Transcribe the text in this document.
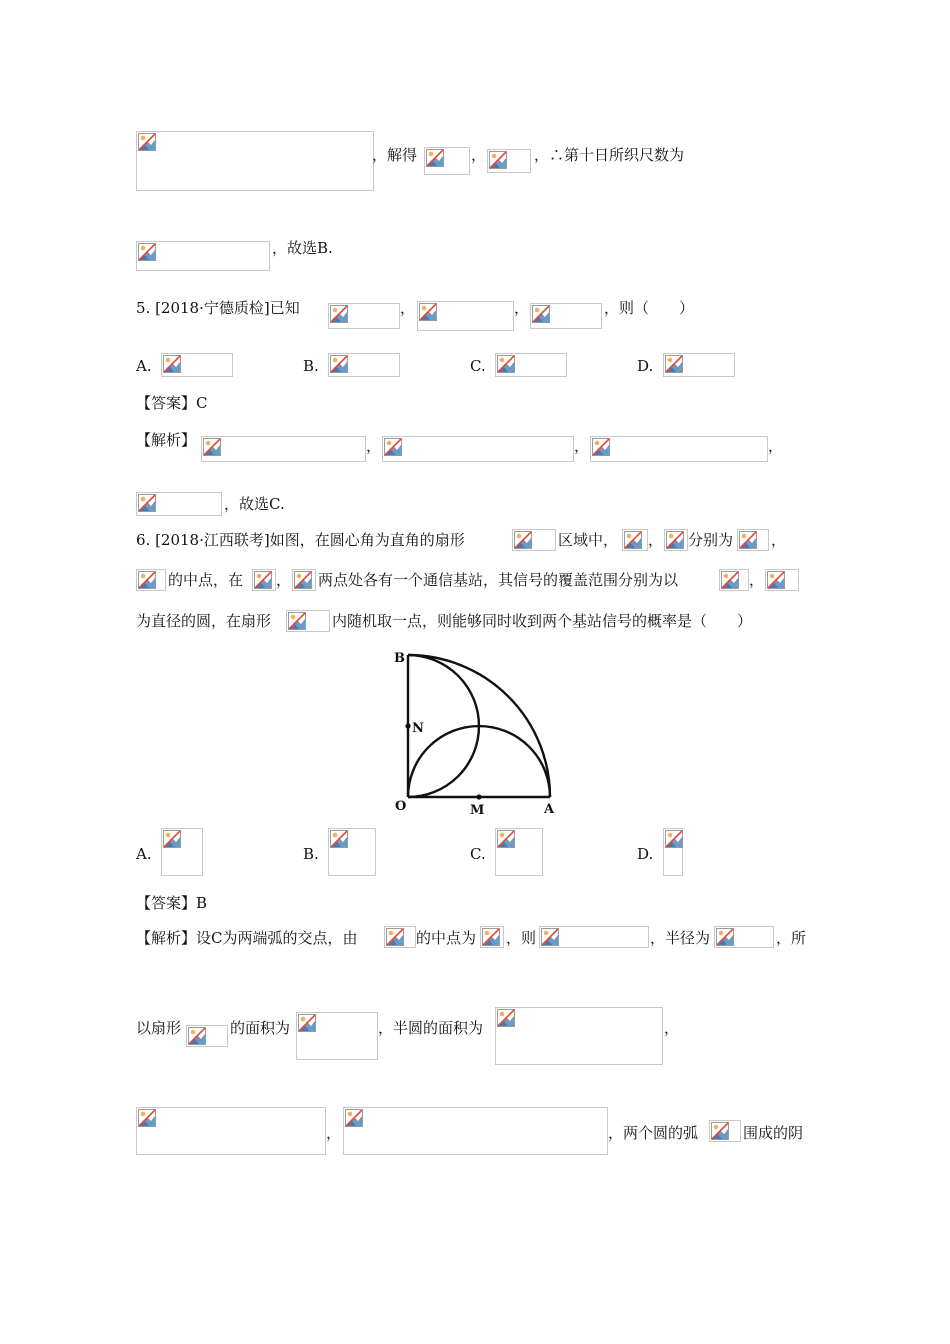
，解得	，	，∴第十日所织尺数为
，故选B.
5. [2018·宁德质检]已知	，	，	，则（　　）
A.	B.	C.	D.
【答案】C
【解析】	，	，	，
，故选C.
6. [2018·江西联考]如图，在圆心角为直角的扇形	区域中， ， 分别为	，
的中点，在 ， 两点处各有一个通信基站，其信号的覆盖范围分别为以	，
为直径的圆，在扇形	内随机取一点，则能够同时收到两个基站信号的概率是（　　）
B
N
O	M	A
A.	B.	C.	D.
【答案】B
【解析】设C为两端弧的交点，由	的中点为 ，则	，半径为	，所
以扇形	的面积为	，半圆的面积为	，
，	，两个圆的弧	围成的阴
